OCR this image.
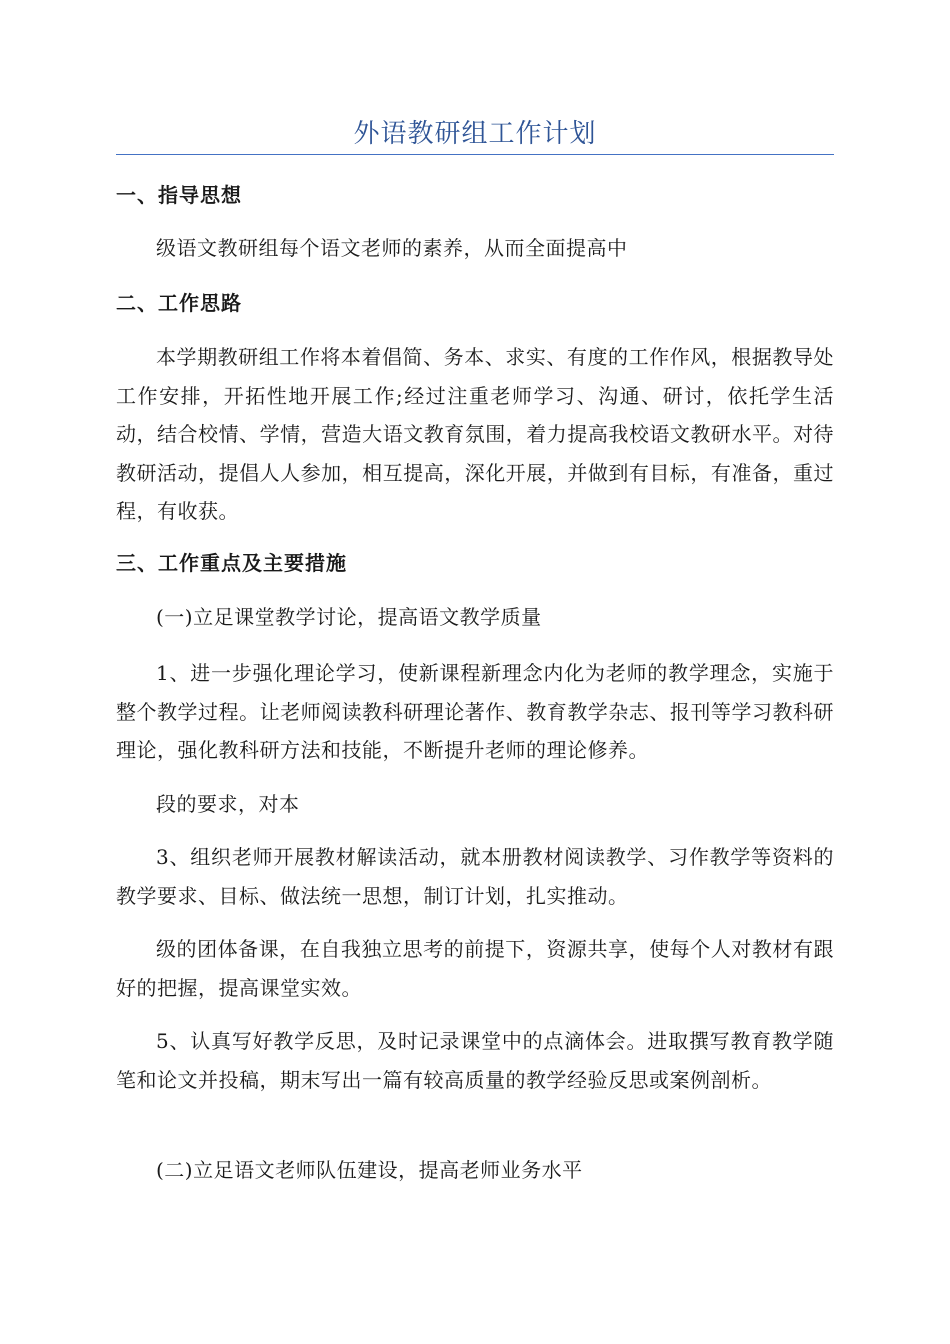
外语教研组工作计划
一、指导思想
级语文教研组每个语文老师的素养，从而全面提高中
二、工作思路
本学期教研组工作将本着倡简、务本、求实、有度的工作作风，根据教导处工作安排，开拓性地开展工作;经过注重老师学习、沟通、研讨，依托学生活动，结合校情、学情，营造大语文教育氛围，着力提高我校语文教研水平。对待教研活动，提倡人人参加，相互提高，深化开展，并做到有目标，有准备，重过程，有收获。
三、工作重点及主要措施
(一)立足课堂教学讨论，提高语文教学质量
1、进一步强化理论学习，使新课程新理念内化为老师的教学理念，实施于整个教学过程。让老师阅读教科研理论著作、教育教学杂志、报刊等学习教科研理论，强化教科研方法和技能，不断提升老师的理论修养。
段的要求，对本
3、组织老师开展教材解读活动，就本册教材阅读教学、习作教学等资料的教学要求、目标、做法统一思想，制订计划，扎实推动。
级的团体备课，在自我独立思考的前提下，资源共享，使每个人对教材有跟好的把握，提高课堂实效。
5、认真写好教学反思，及时记录课堂中的点滴体会。进取撰写教育教学随笔和论文并投稿，期末写出一篇有较高质量的教学经验反思或案例剖析。
(二)立足语文老师队伍建设，提高老师业务水平
